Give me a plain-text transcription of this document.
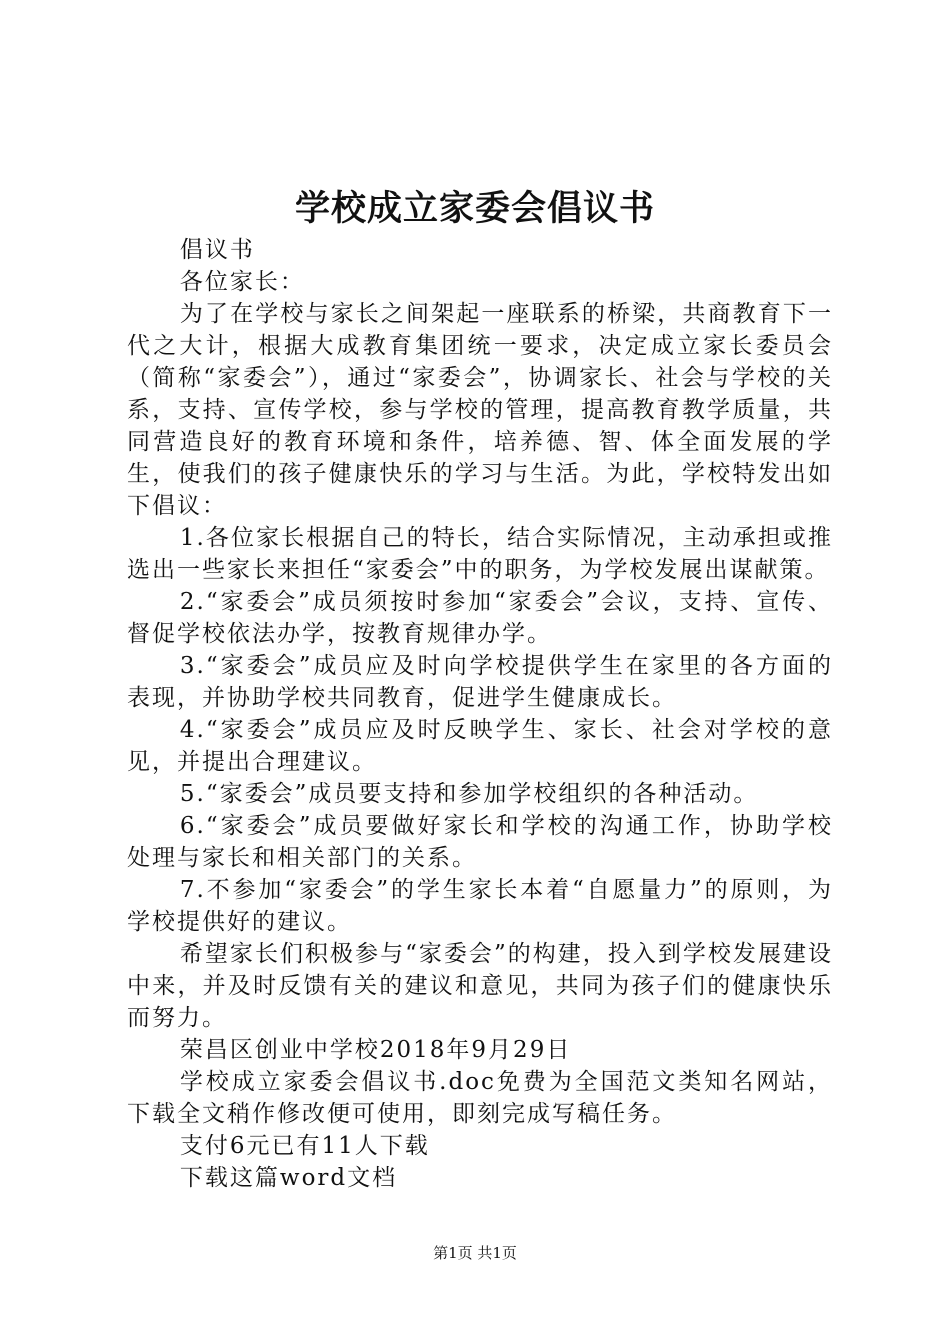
学校成立家委会倡议书

倡议书

各位家长：

为了在学校与家长之间架起一座联系的桥梁，共商教育下一代之大计，根据大成教育集团统一要求，决定成立家长委员会（简称“家委会”），通过“家委会”，协调家长、社会与学校的关系，支持、宣传学校，参与学校的管理，提高教育教学质量，共同营造良好的教育环境和条件，培养德、智、体全面发展的学生，使我们的孩子健康快乐的学习与生活。为此，学校特发出如下倡议：

1.各位家长根据自己的特长，结合实际情况，主动承担或推选出一些家长来担任“家委会”中的职务，为学校发展出谋献策。

2.“家委会”成员须按时参加“家委会”会议，支持、宣传、督促学校依法办学，按教育规律办学。

3.“家委会”成员应及时向学校提供学生在家里的各方面的表现，并协助学校共同教育，促进学生健康成长。

4.“家委会”成员应及时反映学生、家长、社会对学校的意见，并提出合理建议。

5.“家委会”成员要支持和参加学校组织的各种活动。

6.“家委会”成员要做好家长和学校的沟通工作，协助学校处理与家长和相关部门的关系。

7.不参加“家委会”的学生家长本着“自愿量力”的原则，为学校提供好的建议。

希望家长们积极参与“家委会”的构建，投入到学校发展建设中来，并及时反馈有关的建议和意见，共同为孩子们的健康快乐而努力。

荣昌区创业中学校2018年9月29日

学校成立家委会倡议书.doc免费为全国范文类知名网站，下载全文稍作修改便可使用，即刻完成写稿任务。

支付6元已有11人下载

下载这篇word文档

第1页 共1页
